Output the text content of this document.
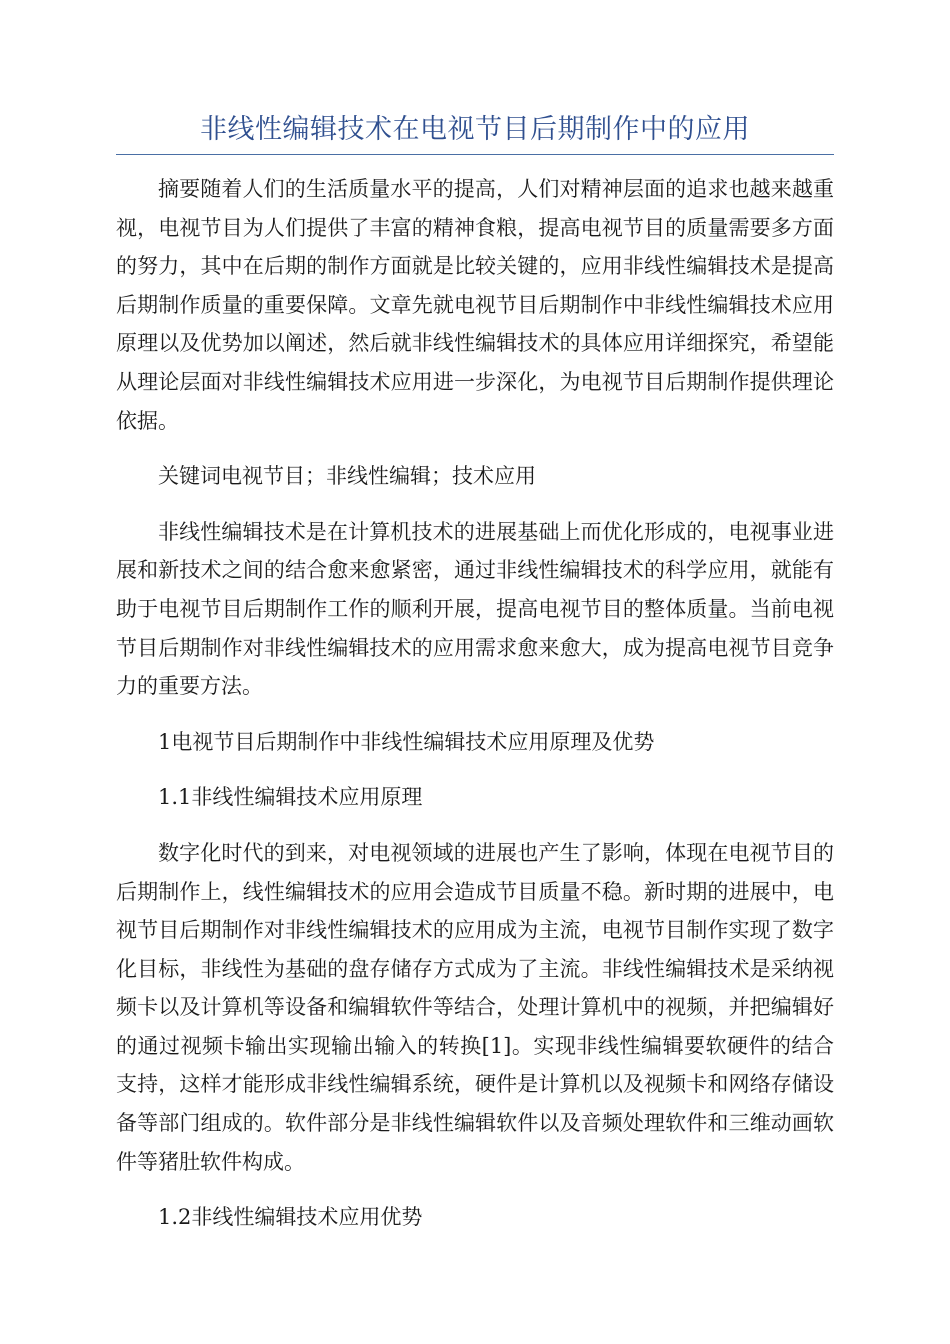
非线性编辑技术在电视节目后期制作中的应用

摘要随着人们的生活质量水平的提高，人们对精神层面的追求也越来越重视，电视节目为人们提供了丰富的精神食粮，提高电视节目的质量需要多方面的努力，其中在后期的制作方面就是比较关键的，应用非线性编辑技术是提高后期制作质量的重要保障。文章先就电视节目后期制作中非线性编辑技术应用原理以及优势加以阐述，然后就非线性编辑技术的具体应用详细探究，希望能从理论层面对非线性编辑技术应用进一步深化，为电视节目后期制作提供理论依据。

关键词电视节目；非线性编辑；技术应用

非线性编辑技术是在计算机技术的进展基础上而优化形成的，电视事业进展和新技术之间的结合愈来愈紧密，通过非线性编辑技术的科学应用，就能有助于电视节目后期制作工作的顺利开展，提高电视节目的整体质量。当前电视节目后期制作对非线性编辑技术的应用需求愈来愈大，成为提高电视节目竞争力的重要方法。

1电视节目后期制作中非线性编辑技术应用原理及优势

1.1非线性编辑技术应用原理

数字化时代的到来，对电视领域的进展也产生了影响，体现在电视节目的后期制作上，线性编辑技术的应用会造成节目质量不稳。新时期的进展中，电视节目后期制作对非线性编辑技术的应用成为主流，电视节目制作实现了数字化目标，非线性为基础的盘存储存方式成为了主流。非线性编辑技术是采纳视频卡以及计算机等设备和编辑软件等结合，处理计算机中的视频，并把编辑好的通过视频卡输出实现输出输入的转换[1]。实现非线性编辑要软硬件的结合支持，这样才能形成非线性编辑系统，硬件是计算机以及视频卡和网络存储设备等部门组成的。软件部分是非线性编辑软件以及音频处理软件和三维动画软件等猪肚软件构成。

1.2非线性编辑技术应用优势
